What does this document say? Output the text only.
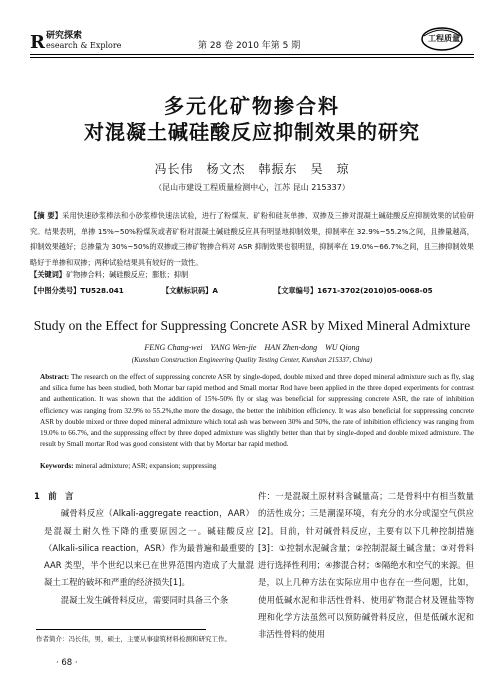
R 研究探索
esearch & Explore	第 28 卷 2010 年第 5 期
工程质量
多元化矿物掺合料
对混凝土碱硅酸反应抑制效果的研究
冯长伟　杨文杰　韩振东　吴　琼
（昆山市建设工程质量检测中心，江苏 昆山 215337）
【摘 要】采用快速砂浆棒法和小砂浆棒快速法试验，进行了粉煤灰、矿粉和硅灰单掺、双掺及三掺对混凝土碱硅酸反应抑制效果的试验研究。结果表明，单掺 15%~50%粉煤灰或者矿粉对混凝土碱硅酸反应具有明显地抑制效果，抑制率在 32.9%~55.2%之间，且掺量越高，抑制效果越好；总掺量为 30%~50%的双掺或三掺矿物掺合料对 ASR 抑制效果也很明显，抑制率在 19.0%~66.7%之间，且三掺抑制效果略好于单掺和双掺；两种试验结果具有较好的一致性。
【关键词】矿物掺合料；碱硅酸反应；膨胀；抑制
【中图分类号】TU528.041	【文献标识码】A	【文章编号】1671-3702(2010)05-0068-05
Study on the Effect for Suppressing Concrete ASR by Mixed Mineral Admixture
FENG Chang-wei　YANG Wen-jie　HAN Zhen-dong　WU Qiong
(Kunshan Construction Engineering Quality Testing Center, Kunshan 215337, China)
Abstract: The research on the effect of suppressing concrete ASR by single-doped, double mixed and three doped mineral admixture such as fly, slag and silica fume has been studied, both Mortar bar rapid method and Small mortar Rod have been applied in the three doped experiments for contrast and authentication. It was shown that the addition of 15%-50% fly or slag was beneficial for suppressing concrete ASR, the rate of inhibition efficiency was ranging from 32.9% to 55.2%,the more the dosage, the better the inhibition efficiency. It was also beneficial for suppressing concrete ASR by double mixed or three doped mineral admixture which total ash was between 30% and 50%, the rate of inhibition efficiency was ranging from 19.0% to 66.7%, and the suppressing effect by three doped admixture was slightly better than that by single-doped and double mixed admixture. The result by Small mortar Rod was good consistent with that by Mortar bar rapid method.
Keywords: mineral admixture; ASR; expansion; suppressing
1　前　言
碱骨料反应（Alkali-aggregate reaction，AAR）是混凝土耐久性下降的重要原因之一。碱硅酸反应（Alkali-silica reaction，ASR）作为最普遍和最重要的 AAR 类型，半个世纪以来已在世界范围内造成了大量混凝土工程的破坏和严重的经济损失[1]。
混凝土发生碱骨料反应，需要同时具备三个条
件：一是混凝土原材料含碱量高；二是骨料中有相当数量的活性成分；三是潮湿环境，有充分的水分或湿空气供应[2]。目前，针对碱骨料反应，主要有以下几种控制措施[3]：①控制水泥碱含量；②控制混凝土碱含量；③对骨料进行选择性利用；④掺混合材；⑤隔绝水和空气的来源。但是，以上几种方法在实际应用中也存在一些问题，比如，使用低碱水泥和非活性骨料、使用矿物混合材及锂盐等物理和化学方法虽然可以预防碱骨料反应，但是低碱水泥和非活性骨料的使用
作者简介：冯长伟，男，硕士，主要从事建筑材料检测和研究工作。
· 68 ·
